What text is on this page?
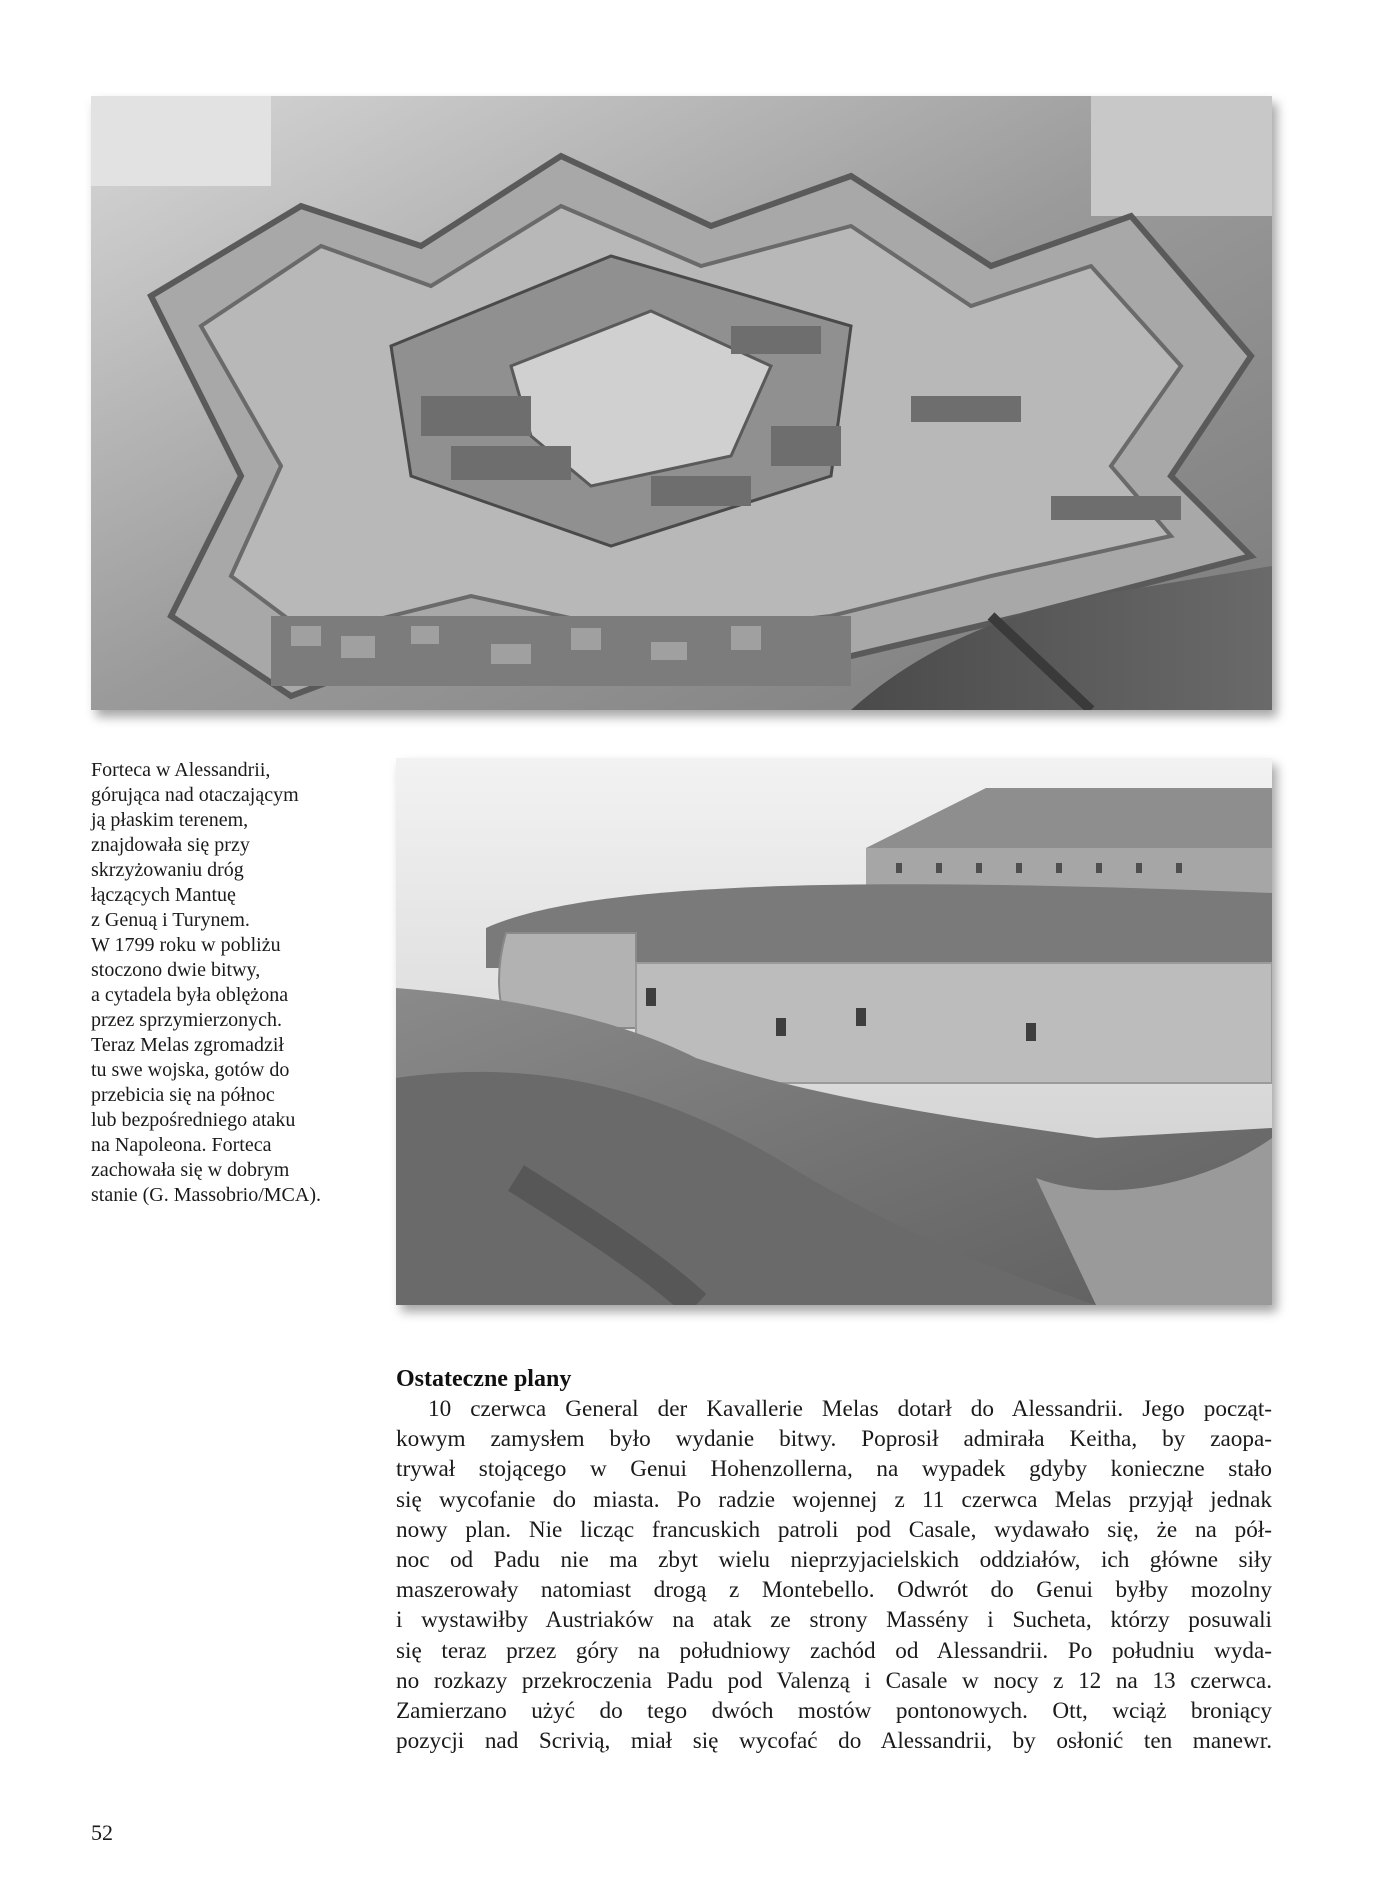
Forteca w Alessandrii,
górująca nad otaczającym
ją płaskim terenem,
znajdowała się przy
skrzyżowaniu dróg
łączących Mantuę
z Genuą i Turynem.
W 1799 roku w pobliżu
stoczono dwie bitwy,
a cytadela była oblężona
przez sprzymierzonych.
Teraz Melas zgromadził
tu swe wojska, gotów do
przebicia się na północ
lub bezpośredniego ataku
na Napoleona. Forteca
zachowała się w dobrym
stanie (G. Massobrio/MCA).
Ostateczne plany
10 czerwca General der Kavallerie Melas dotarł do Alessandrii. Jego począt-
kowym zamysłem było wydanie bitwy. Poprosił admirała Keitha, by zaopa-
trywał stojącego w Genui Hohenzollerna, na wypadek gdyby konieczne stało
się wycofanie do miasta. Po radzie wojennej z 11 czerwca Melas przyjął jednak
nowy plan. Nie licząc francuskich patroli pod Casale, wydawało się, że na pół-
noc od Padu nie ma zbyt wielu nieprzyjacielskich oddziałów, ich główne siły
maszerowały natomiast drogą z Montebello. Odwrót do Genui byłby mozolny
i wystawiłby Austriaków na atak ze strony Massény i Sucheta, którzy posuwali
się teraz przez góry na południowy zachód od Alessandrii. Po południu wyda-
no rozkazy przekroczenia Padu pod Valenzą i Casale w nocy z 12 na 13 czerwca.
Zamierzano użyć do tego dwóch mostów pontonowych. Ott, wciąż broniący
pozycji nad Scrivią, miał się wycofać do Alessandrii, by osłonić ten manewr.
52
